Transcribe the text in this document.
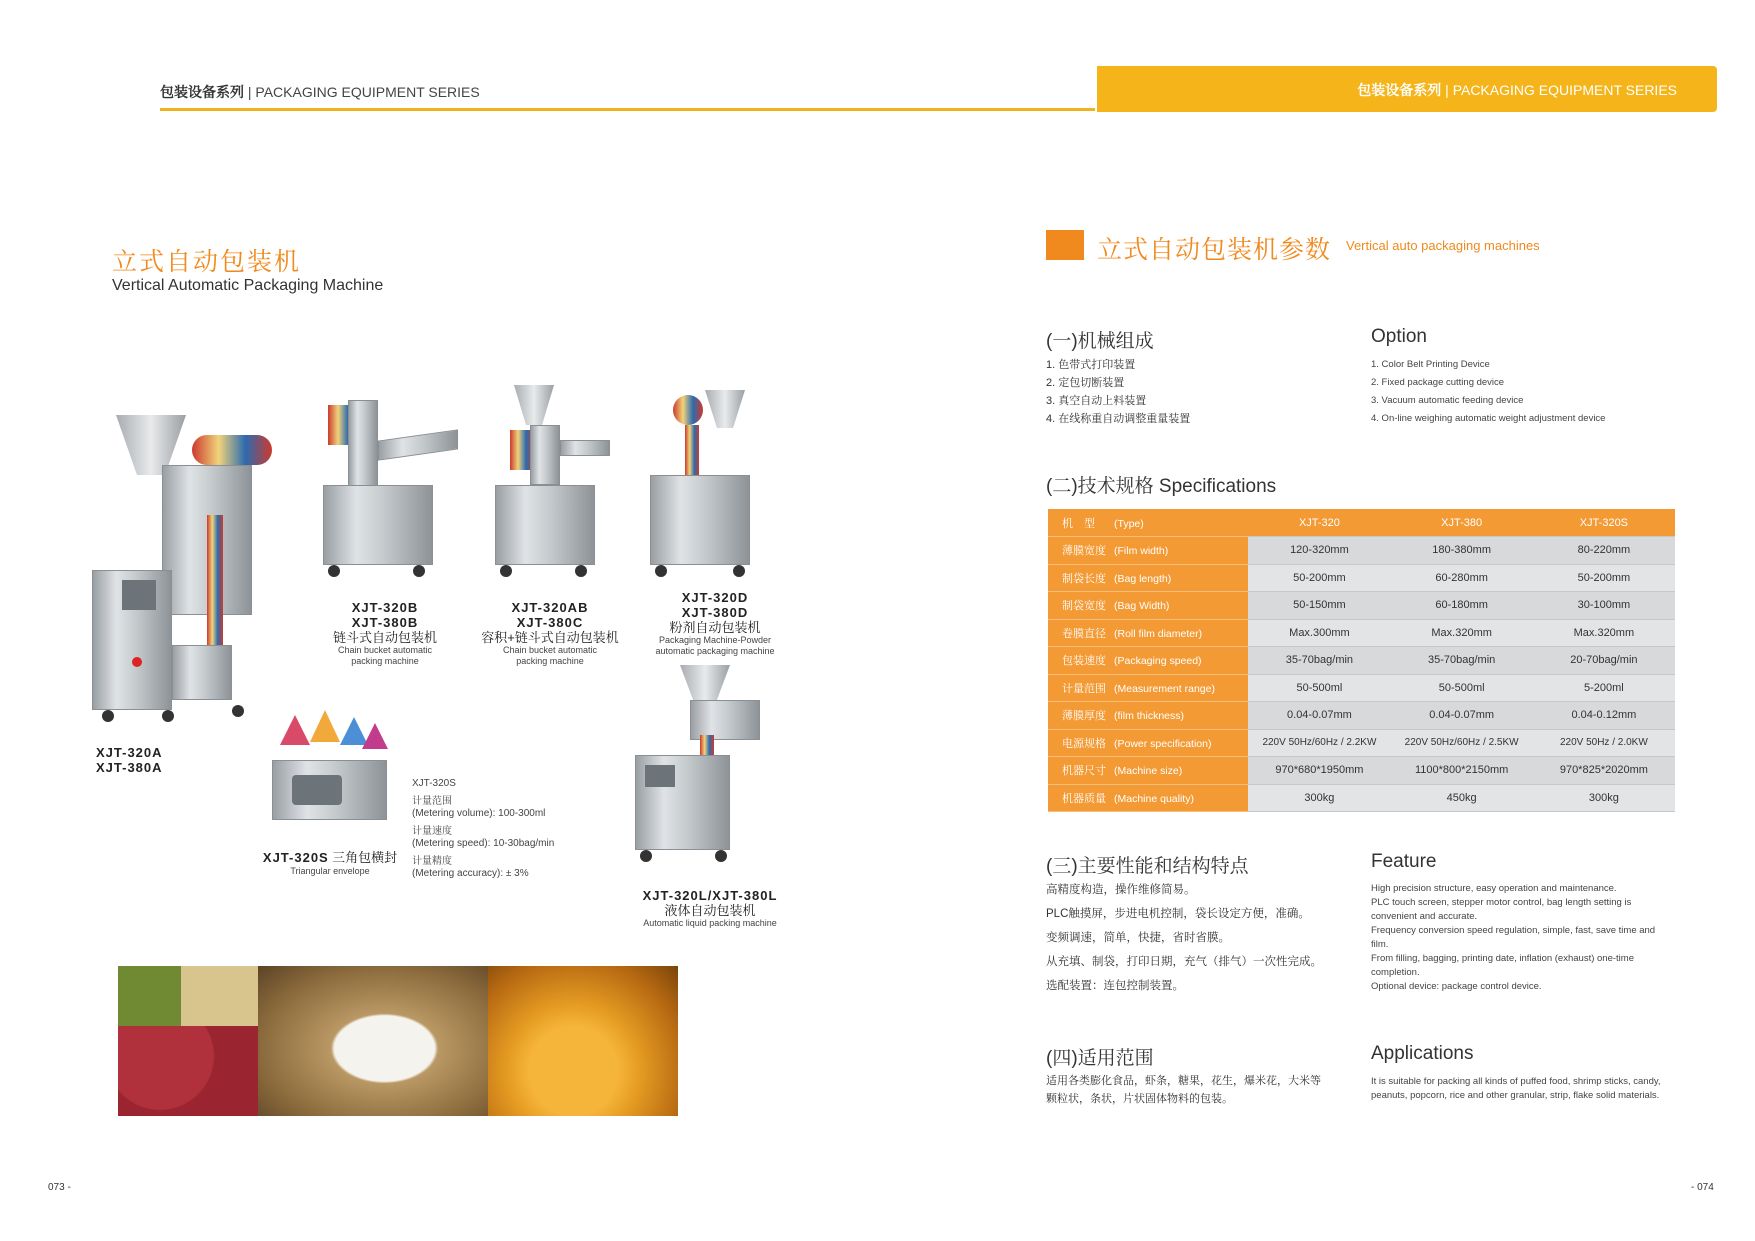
包装设备系列 | PACKAGING EQUIPMENT SERIES	包装设备系列 | PACKAGING EQUIPMENT SERIES
立式自动包装机
Vertical Automatic Packaging Machine
XJT-320A
XJT-380A
XJT-320B
XJT-380B
链斗式自动包装机
Chain bucket automatic
packing machine
XJT-320AB
XJT-380C
容积+链斗式自动包装机
Chain bucket automatic
packing machine
XJT-320D
XJT-380D
粉剂自动包装机
Packaging Machine-Powder
automatic packaging machine
XJT-320S 三角包横封
Triangular envelope
XJT-320S
计量范围
(Metering volume): 100-300ml
计量速度
(Metering speed): 10-30bag/min
计量精度
(Metering accuracy): ± 3%
XJT-320L/XJT-380L
液体自动包装机
Automatic liquid packing machine
073 -
立式自动包装机参数 Vertical auto packaging machines
(一)机械组成
1. 色带式打印装置
2. 定包切断装置
3. 真空自动上料装置
4. 在线称重自动调整重量装置
Option
1. Color Belt Printing Device
2. Fixed package cutting device
3. Vacuum automatic feeding device
4. On-line weighing automatic weight adjustment device
(二)技术规格 Specifications
机　型 (Type)	XJT-320	XJT-380	XJT-320S
薄膜宽度 (Film width)	120-320mm	180-380mm	80-220mm
制袋长度 (Bag length)	50-200mm	60-280mm	50-200mm
制袋宽度 (Bag Width)	50-150mm	60-180mm	30-100mm
卷膜直径 (Roll film diameter)	Max.300mm	Max.320mm	Max.320mm
包装速度 (Packaging speed)	35-70bag/min	35-70bag/min	20-70bag/min
计量范围 (Measurement range)	50-500ml	50-500ml	5-200ml
薄膜厚度 (film thickness)	0.04-0.07mm	0.04-0.07mm	0.04-0.12mm
电源规格 (Power specification)	220V 50Hz/60Hz / 2.2KW	220V 50Hz/60Hz / 2.5KW	220V 50Hz / 2.0KW
机器尺寸 (Machine size)	970*680*1950mm	1100*800*2150mm	970*825*2020mm
机器质量 (Machine quality)	300kg	450kg	300kg
(三)主要性能和结构特点
高精度构造，操作维修简易。
PLC触摸屏，步进电机控制，袋长设定方便，准确。
变频调速，简单，快捷，省时省膜。
从充填、制袋，打印日期，充气（排气）一次性完成。
选配装置：连包控制装置。
Feature

High precision structure, easy operation and maintenance.

PLC touch screen, stepper motor control, bag length setting is convenient and accurate.

Frequency conversion speed regulation, simple, fast, save time and film.

From filling, bagging, printing date, inflation (exhaust) one-time completion.

Optional device: package control device.

(四)适用范围
适用各类膨化食品，虾条，糖果，花生，爆米花，大米等颗粒状，条状，片状固体物料的包装。
Applications
It is suitable for packing all kinds of puffed food, shrimp sticks, candy, peanuts, popcorn, rice and other granular, strip, flake solid materials.
- 074
